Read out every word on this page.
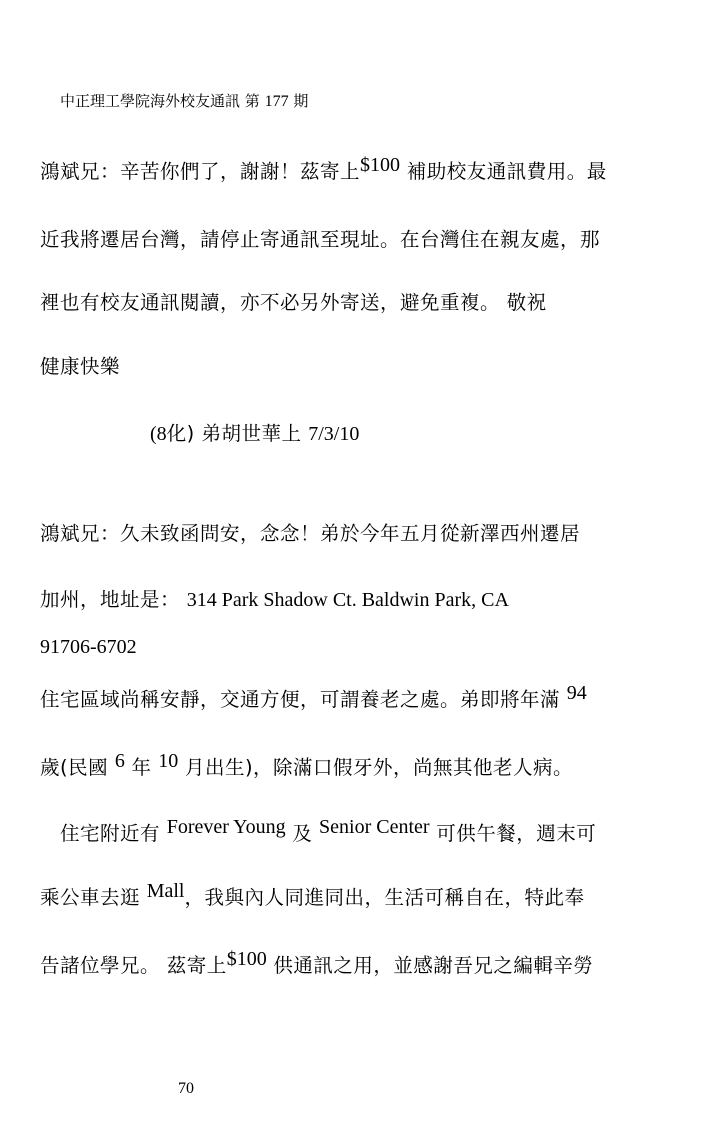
中正理工學院海外校友通訊 第 177 期
鴻斌兄：辛苦你們了，謝謝！茲寄上$100 補助校友通訊費用。最
近我將遷居台灣，請停止寄通訊至現址。在台灣住在親友處，那
裡也有校友通訊閱讀，亦不必另外寄送，避免重複。 敬祝
健康快樂
(8化) 弟胡世華上 7/3/10
鴻斌兄：久未致函問安，念念！弟於今年五月從新澤西州遷居
加州，地址是： 314 Park Shadow Ct. Baldwin Park, CA
91706-6702
住宅區域尚稱安靜，交通方便，可謂養老之處。弟即將年滿 94
歲(民國 6 年 10 月出生)，除滿口假牙外，尚無其他老人病。
住宅附近有 Forever Young 及 Senior Center 可供午餐，週末可
乘公車去逛 Mall，我與內人同進同出，生活可稱自在，特此奉
告諸位學兄。 茲寄上$100 供通訊之用，並感謝吾兄之編輯辛勞
70
